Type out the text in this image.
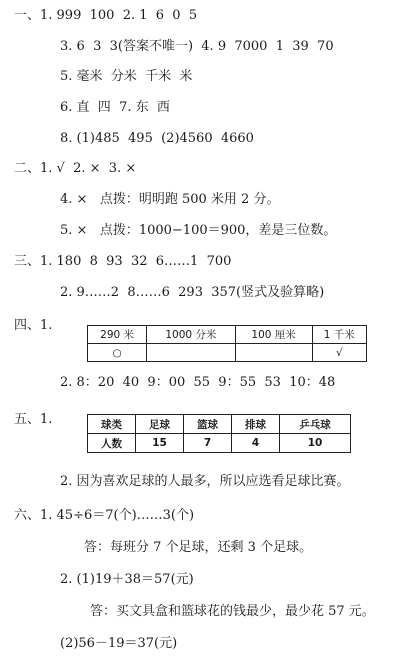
一、1. 999  100  2. 1  6  0  5
3. 6  3  3(答案不唯一)  4. 9  7000  1  39  70
5. 毫米  分米  千米  米
6. 直  四  7. 东  西
8. (1)485  495  (2)4560  4660
二、1. √  2. ×  3. ×
4. ×   点拨：明明跑 500 米用 2 分。
5. ×   点拨：1000−100＝900，差是三位数。
三、1. 180  8  93  32  6……1  700
2. 9……2  8……6  293  357(竖式及验算略)
四、1.
290 米	1000 分米	100 厘米	1 千米
○			√
2. 8：20  40  9：00  55  9：55  53  10：48
五、1.	球类	足球	篮球	排球	乒乓球
人数	15	7	4	10
2. 因为喜欢足球的人最多，所以应选看足球比赛。
六、1. 45÷6＝7(个)……3(个)
答：每班分 7 个足球，还剩 3 个足球。
2. (1)19＋38＝57(元)
答：买文具盒和篮球花的钱最少，最少花 57 元。
(2)56－19＝37(元)
